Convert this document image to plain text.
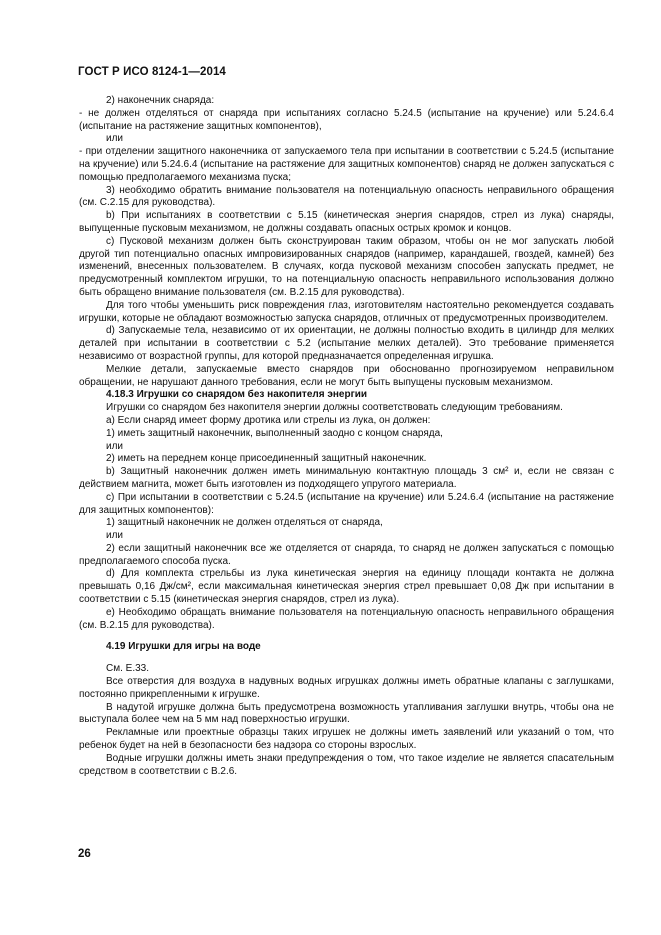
ГОСТ Р ИСО 8124-1—2014

2) наконечник снаряда:

- не должен отделяться от снаряда при испытаниях согласно 5.24.5 (испытание на кручение) или 5.24.6.4 (испытание на растяжение защитных компонентов),

или

- при отделении защитного наконечника от запускаемого тела при испытании в соответствии с 5.24.5 (испытание на кручение) или 5.24.6.4 (испытание на растяжение для защитных компонентов) снаряд не должен запускаться с помощью предполагаемого механизма пуска;

3) необходимо обратить внимание пользователя на потенциальную опасность неправильного обращения (см. С.2.15 для руководства).

b) При испытаниях в соответствии с 5.15 (кинетическая энергия снарядов, стрел из лука) снаряды, выпущенные пусковым механизмом, не должны создавать опасных острых кромок и концов.

с) Пусковой механизм должен быть сконструирован таким образом, чтобы он не мог запускать любой другой тип потенциально опасных импровизированных снарядов (например, карандашей, гвоздей, камней) без изменений, внесенных пользователем. В случаях, когда пусковой механизм способен запускать предмет, не предусмотренный комплектом игрушки, то на потенциальную опасность неправильного использования должно быть обращено внимание пользователя (см. В.2.15 для руководства).

Для того чтобы уменьшить риск повреждения глаз, изготовителям настоятельно рекомендуется создавать игрушки, которые не обладают возможностью запуска снарядов, отличных от предусмотренных производителем.

d) Запускаемые тела, независимо от их ориентации, не должны полностью входить в цилиндр для мелких деталей при испытании в соответствии с 5.2 (испытание мелких деталей). Это требование применяется независимо от возрастной группы, для которой предназначается определенная игрушка.

Мелкие детали, запускаемые вместо снарядов при обоснованно прогнозируемом неправильном обращении, не нарушают данного требования, если не могут быть выпущены пусковым механизмом.

4.18.3 Игрушки со снарядом без накопителя энергии

Игрушки со снарядом без накопителя энергии должны соответствовать следующим требованиям.

а) Если снаряд имеет форму дротика или стрелы из лука, он должен:

1) иметь защитный наконечник, выполненный заодно с концом снаряда,

или

2) иметь на переднем конце присоединенный защитный наконечник.

b) Защитный наконечник должен иметь минимальную контактную площадь 3 см² и, если не связан с действием магнита, может быть изготовлен из подходящего упругого материала.

с) При испытании в соответствии с 5.24.5 (испытание на кручение) или 5.24.6.4 (испытание на растяжение для защитных компонентов):

1) защитный наконечник не должен отделяться от снаряда,

или

2) если защитный наконечник все же отделяется от снаряда, то снаряд не должен запускаться с помощью предполагаемого способа пуска.

d) Для комплекта стрельбы из лука кинетическая энергия на единицу площади контакта не должна превышать 0,16 Дж/см², если максимальная кинетическая энергия стрел превышает 0,08 Дж при испытании в соответствии с 5.15 (кинетическая энергия снарядов, стрел из лука).

е) Необходимо обращать внимание пользователя на потенциальную опасность неправильного обращения (см. В.2.15 для руководства).

4.19 Игрушки для игры на воде

См. Е.33.

Все отверстия для воздуха в надувных водных игрушках должны иметь обратные клапаны с заглушками, постоянно прикрепленными к игрушке.

В надутой игрушке должна быть предусмотрена возможность утапливания заглушки внутрь, чтобы она не выступала более чем на 5 мм над поверхностью игрушки.

Рекламные или проектные образцы таких игрушек не должны иметь заявлений или указаний о том, что ребенок будет на ней в безопасности без надзора со стороны взрослых.

Водные игрушки должны иметь знаки предупреждения о том, что такое изделие не является спасательным средством в соответствии с В.2.6.

26
